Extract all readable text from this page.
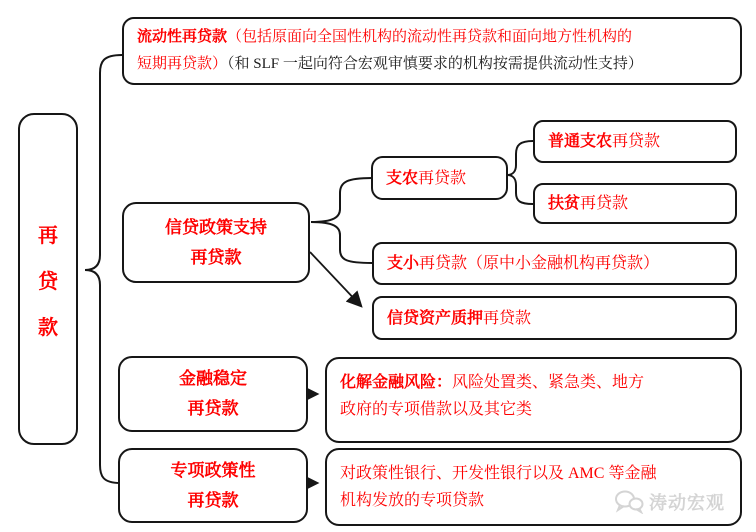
流动性再贷款（包括原面向全国性机构的流动性再贷款和面向地方性机构的
短期再贷款）（和 SLF 一起向符合宏观审慎要求的机构按需提供流动性支持）
再
贷
款
信贷政策支持
再贷款
支农再贷款
普通支农再贷款
扶贫再贷款
支小再贷款（原中小金融机构再贷款）
信贷资产质押再贷款
金融稳定
再贷款
化解金融风险：风险处置类、紧急类、地方
政府的专项借款以及其它类
专项政策性
再贷款
对政策性银行、开发性银行以及 AMC 等金融
机构发放的专项贷款	涛动宏观
